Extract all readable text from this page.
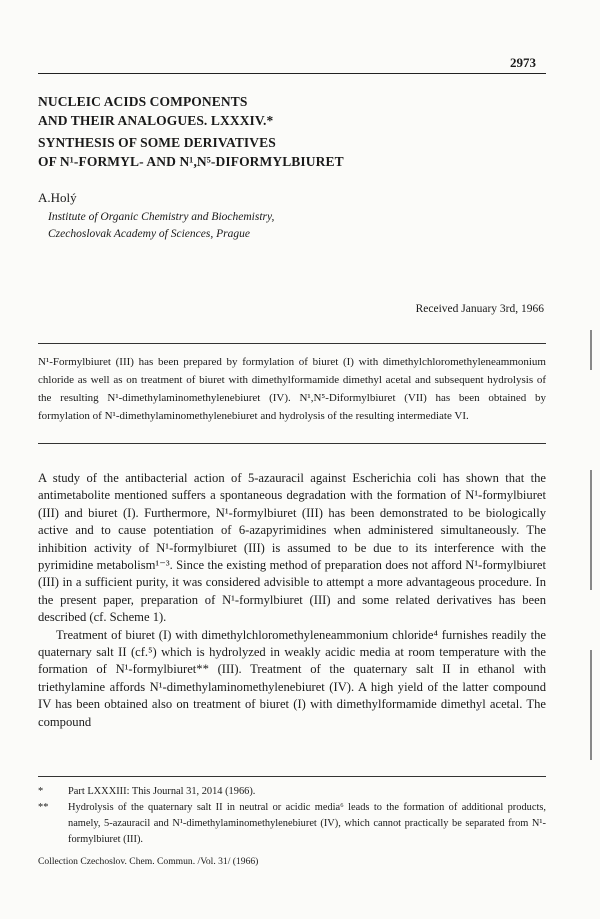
2973

NUCLEIC ACIDS COMPONENTS

AND THEIR ANALOGUES. LXXXIV.*

SYNTHESIS OF SOME DERIVATIVES

OF N¹-FORMYL- AND N¹,N⁵-DIFORMYLBIURET

A.Holý
Institute of Organic Chemistry and Biochemistry,
Czechoslovak Academy of Sciences, Prague
Received January 3rd, 1966

N¹-Formylbiuret (III) has been prepared by formylation of biuret (I) with dimethylchloromethyleneammonium chloride as well as on treatment of biuret with dimethylformamide dimethyl acetal and subsequent hydrolysis of the resulting N¹-dimethylaminomethylenebiuret (IV). N¹,N⁵-Diformylbiuret (VII) has been obtained by formylation of N¹-dimethylaminomethylenebiuret and hydrolysis of the resulting intermediate VI.

A study of the antibacterial action of 5-azauracil against Escherichia coli has shown that the antimetabolite mentioned suffers a spontaneous degradation with the formation of N¹-formylbiuret (III) and biuret (I). Furthermore, N¹-formylbiuret (III) has been demonstrated to be biologically active and to cause potentiation of 6-azapyrimidines when administered simultaneously. The inhibition activity of N¹-formylbiuret (III) is assumed to be due to its interference with the pyrimidine metabolism¹⁻³. Since the existing method of preparation does not afford N¹-formylbiuret (III) in a sufficient purity, it was considered advisible to attempt a more advantageous procedure. In the present paper, preparation of N¹-formylbiuret (III) and some related derivatives has been described (cf. Scheme 1).

Treatment of biuret (I) with dimethylchloromethyleneammonium chloride⁴ furnishes readily the quaternary salt II (cf.⁵) which is hydrolyzed in weakly acidic media at room temperature with the formation of N¹-formylbiuret** (III). Treatment of the quaternary salt II in ethanol with triethylamine affords N¹-dimethylaminomethylenebiuret (IV). A high yield of the latter compound IV has been obtained also on treatment of biuret (I) with dimethylformamide dimethyl acetal. The compound

*	Part LXXXIII: This Journal 31, 2014 (1966).
**	Hydrolysis of the quaternary salt II in neutral or acidic media⁶ leads to the formation of additional products, namely, 5-azauracil and N¹-dimethylaminomethylenebiuret (IV), which cannot practically be separated from N¹-formylbiuret (III).
Collection Czechoslov. Chem. Commun. /Vol. 31/ (1966)
